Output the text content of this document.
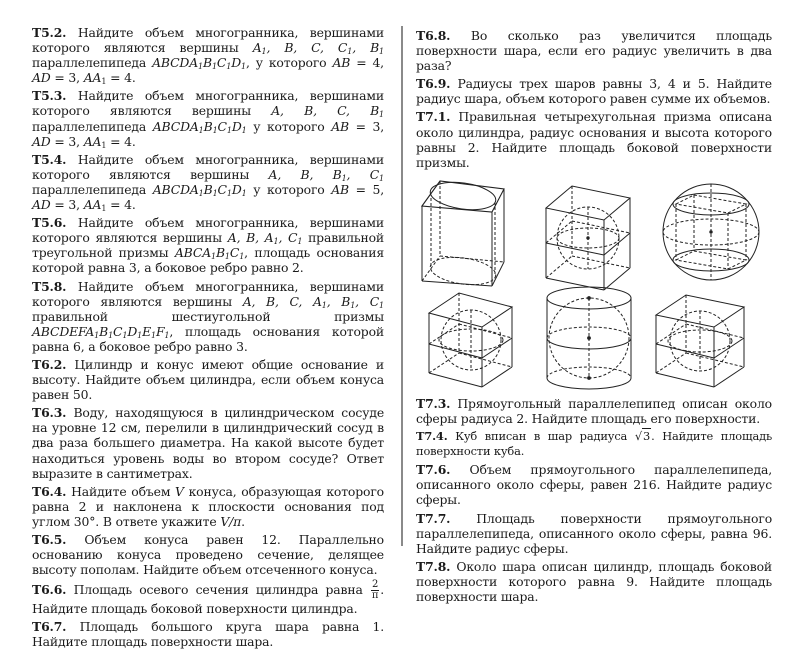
T5.2. Найдите объем многогранника, вершинами которого являются вершины $A_1$, B, C, $C_1$, $B_1$ параллелепипеда $ABCDA_1B_1C_1D_1$, у которого AB = 4, AD = 3, $AA_1 = 4$.

T5.3. Найдите объем многогранника, вершинами которого являются вершины A, B, C, $B_1$ параллелепипеда $ABCDA_1B_1C_1D_1$ у которого AB = 3, AD = 3, $AA_1 = 4$.

T5.4. Найдите объем многогранника, вершинами которого являются вершины A, B, $B_1$, $C_1$ параллелепипеда $ABCDA_1B_1C_1D_1$ у которого AB = 5, AD = 3, $AA_1 = 4$.

T5.6. Найдите объем многогранника, вершинами которого являются вершины A, B, $A_1$, $C_1$ правильной треугольной призмы $ABCA_1B_1C_1$, площадь основания которой равна 3, а боковое ребро равно 2.

T5.8. Найдите объем многогранника, вершинами которого являются вершины A, B, C, $A_1$, $B_1$, $C_1$ правильной шестиугольной призмы $ABCDEFA_1B_1C_1D_1E_1F_1$, площадь основания которой равна 6, а боковое ребро равно 3.

T6.2. Цилиндр и конус имеют общие основание и высоту. Найдите объем цилиндра, если объем конуса равен 50.

T6.3. Воду, находящуюся в цилиндрическом сосуде на уровне 12 см, перелили в цилиндрический сосуд в два раза большего диаметра. На какой высоте будет находиться уровень воды во втором сосуде? Ответ выразите в сантиметрах.

T6.4. Найдите объем V конуса, образующая которого равна 2 и наклонена к плоскости основания под углом 30°. В ответе укажите V/π.

T6.5. Объем конуса равен 12. Параллельно основанию конуса проведено сечение, делящее высоту пополам. Найдите объем отсеченного конуса.

T6.6. Площадь осевого сечения цилиндра равна $\frac{2}{\pi}$ . Найдите площадь боковой поверхности цилиндра.

T6.7. Площадь большого круга шара равна 1. Найдите площадь поверхности шара.

T6.8. Во сколько раз увеличится площадь поверхности шара, если его радиус увеличить в два раза?

T6.9. Радиусы трех шаров равны 3, 4 и 5. Найдите радиус шара, объем которого равен сумме их объемов.

T7.1. Правильная четырехугольная призма описана около цилиндра, радиус основания и высота которого равны 2. Найдите площадь боковой поверхности призмы.

T7.3. Прямоугольный параллелепипед описан около сферы радиуса 2. Найдите площадь его поверхности.

T7.4. Куб вписан в шар радиуса √3. Найдите площадь поверхности куба.

T7.6. Объем прямоугольного параллелепипеда, описанного около сферы, равен 216. Найдите радиус сферы.

T7.7. Площадь поверхности прямоугольного параллелепипеда, описанного около сферы, равна 96. Найдите радиус сферы.

T7.8. Около шара описан цилиндр, площадь боковой поверхности которого равна 9. Найдите площадь поверхности шара.
